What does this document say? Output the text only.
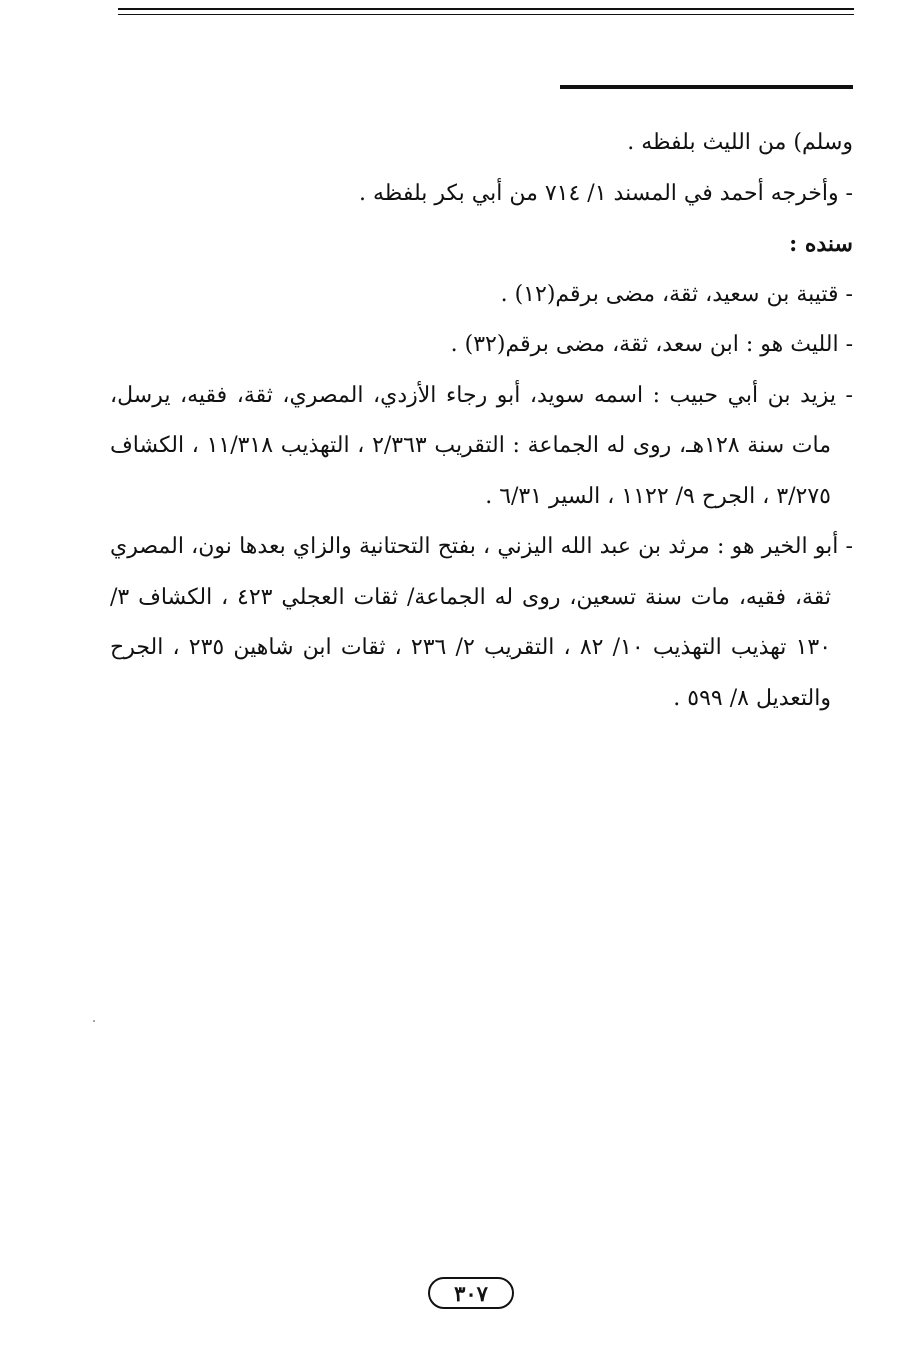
وسلم) من الليث بلفظه .

- وأخرجه أحمد في المسند ١/ ٧١٤ من أبي بكر بلفظه .

سنده :

- قتيبة بن سعيد، ثقة، مضى برقم(١٢) .

- الليث هو : ابن سعد، ثقة، مضى برقم(٣٢) .

- يزيد بن أبي حبيب : اسمه سويد، أبو رجاء الأزدي، المصري، ثقة، فقيه، يرسل، مات سنة ١٢٨هـ، روى له الجماعة : التقريب ٢/٣٦٣ ، التهذيب ١١/٣١٨ ، الكشاف ٣/٢٧٥ ، الجرح ٩/ ١١٢٢ ، السير ٦/٣١ .

- أبو الخير هو : مرثد بن عبد الله اليزني ، بفتح التحتانية والزاي بعدها نون، المصري ثقة، فقيه، مات سنة تسعين، روى له الجماعة/ ثقات العجلي ٤٢٣ ، الكشاف ٣/ ١٣٠ تهذيب التهذيب ١٠/ ٨٢ ، التقريب ٢/ ٢٣٦ ، ثقات ابن شاهين ٢٣٥ ، الجرح والتعديل ٨/ ٥٩٩ .

٣٠٧
